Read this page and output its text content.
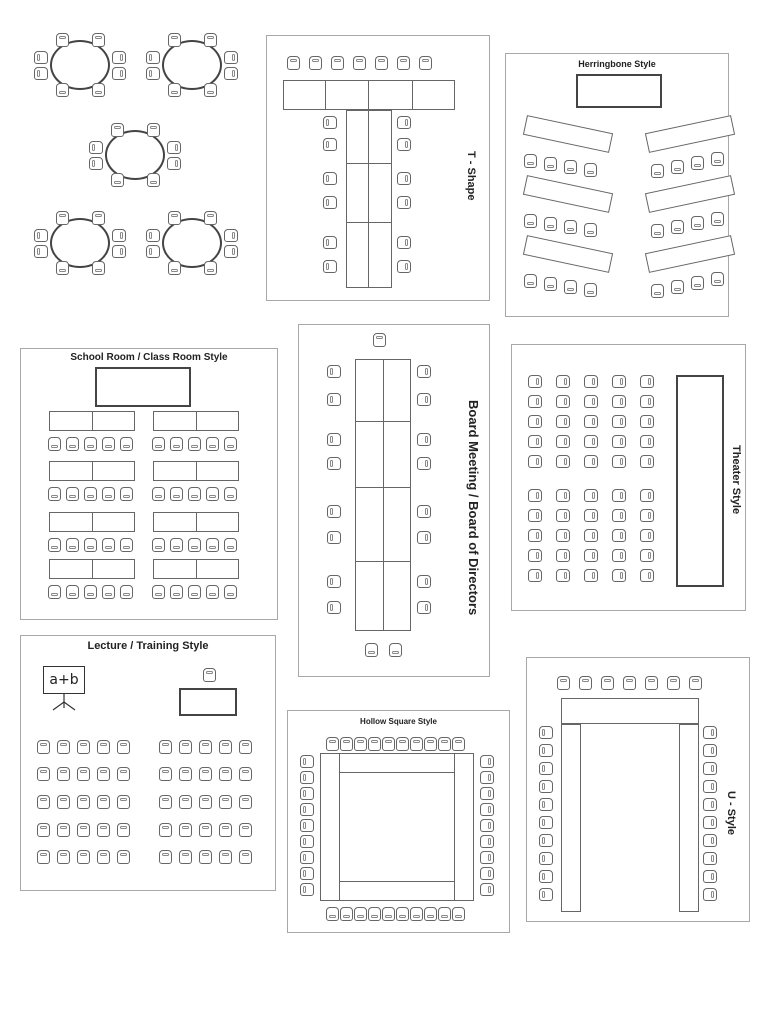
T - Shape
Herringbone Style
School Room / Class Room Style
Board Meeting / Board of Directors	Theater Style
Lecture / Training Style
a+b
Hollow Square Style
U - Style
